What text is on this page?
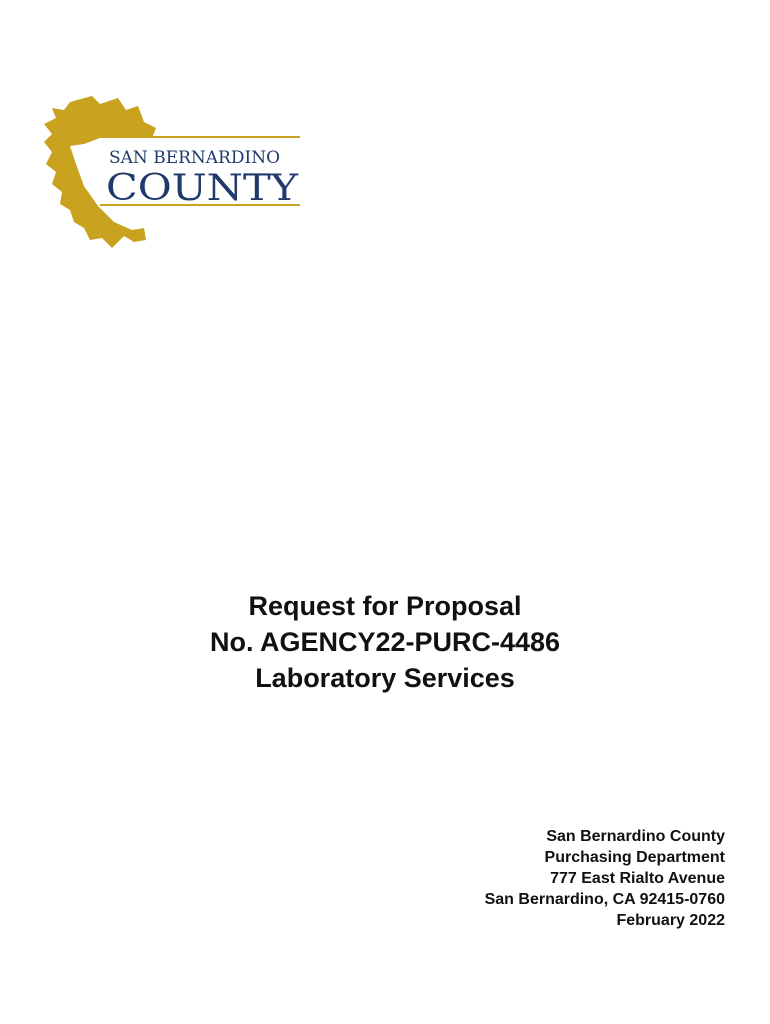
SAN BERNARDINO
COUNTY
Request for Proposal
No. AGENCY22-PURC-4486
Laboratory Services
San Bernardino County
Purchasing Department
777 East Rialto Avenue
San Bernardino, CA 92415-0760
February 2022
